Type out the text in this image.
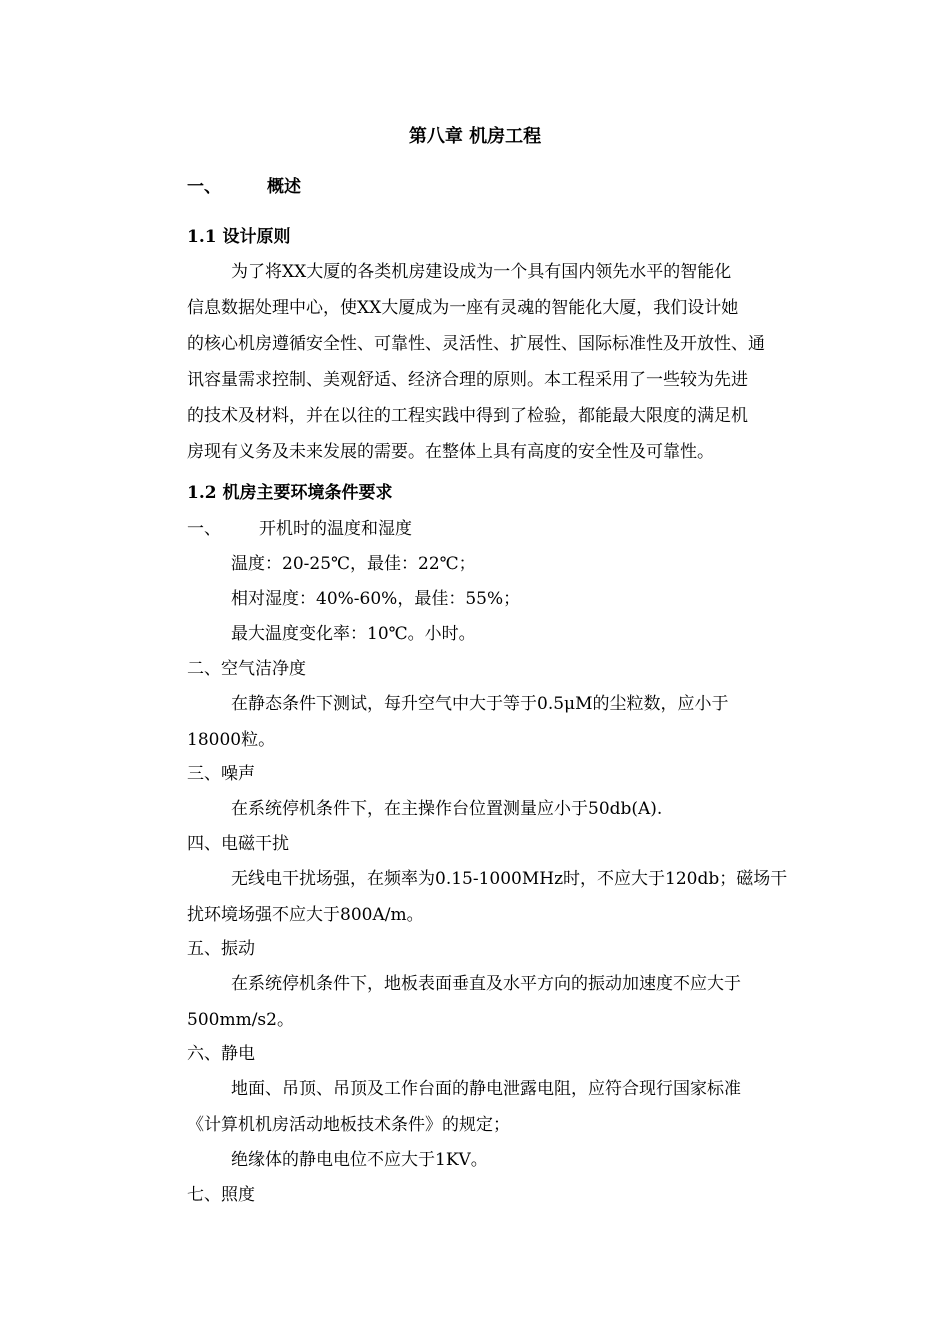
第八章 机房工程
一、	概述
1.1 设计原则
为了将XX大厦的各类机房建设成为一个具有国内领先水平的智能化
信息数据处理中心，使XX大厦成为一座有灵魂的智能化大厦，我们设计她
的核心机房遵循安全性、可靠性、灵活性、扩展性、国际标准性及开放性、通
讯容量需求控制、美观舒适、经济合理的原则。本工程采用了一些较为先进
的技术及材料，并在以往的工程实践中得到了检验，都能最大限度的满足机
房现有义务及未来发展的需要。在整体上具有高度的安全性及可靠性。
1.2 机房主要环境条件要求
一、 开机时的温度和湿度
温度：20-25℃，最佳：22℃；
相对湿度：40%-60%，最佳：55%；
最大温度变化率：10℃。小时。
二、空气洁净度
在静态条件下测试，每升空气中大于等于0.5μM的尘粒数，应小于
18000粒。
三、噪声
在系统停机条件下，在主操作台位置测量应小于50db(A).
四、电磁干扰
无线电干扰场强，在频率为0.15-1000MHz时，不应大于120db；磁场干
扰环境场强不应大于800A/m。
五、振动
在系统停机条件下，地板表面垂直及水平方向的振动加速度不应大于
500mm/s2。
六、静电
地面、吊顶、吊顶及工作台面的静电泄露电阻，应符合现行国家标准
《计算机机房活动地板技术条件》的规定；
绝缘体的静电电位不应大于1KV。
七、照度
